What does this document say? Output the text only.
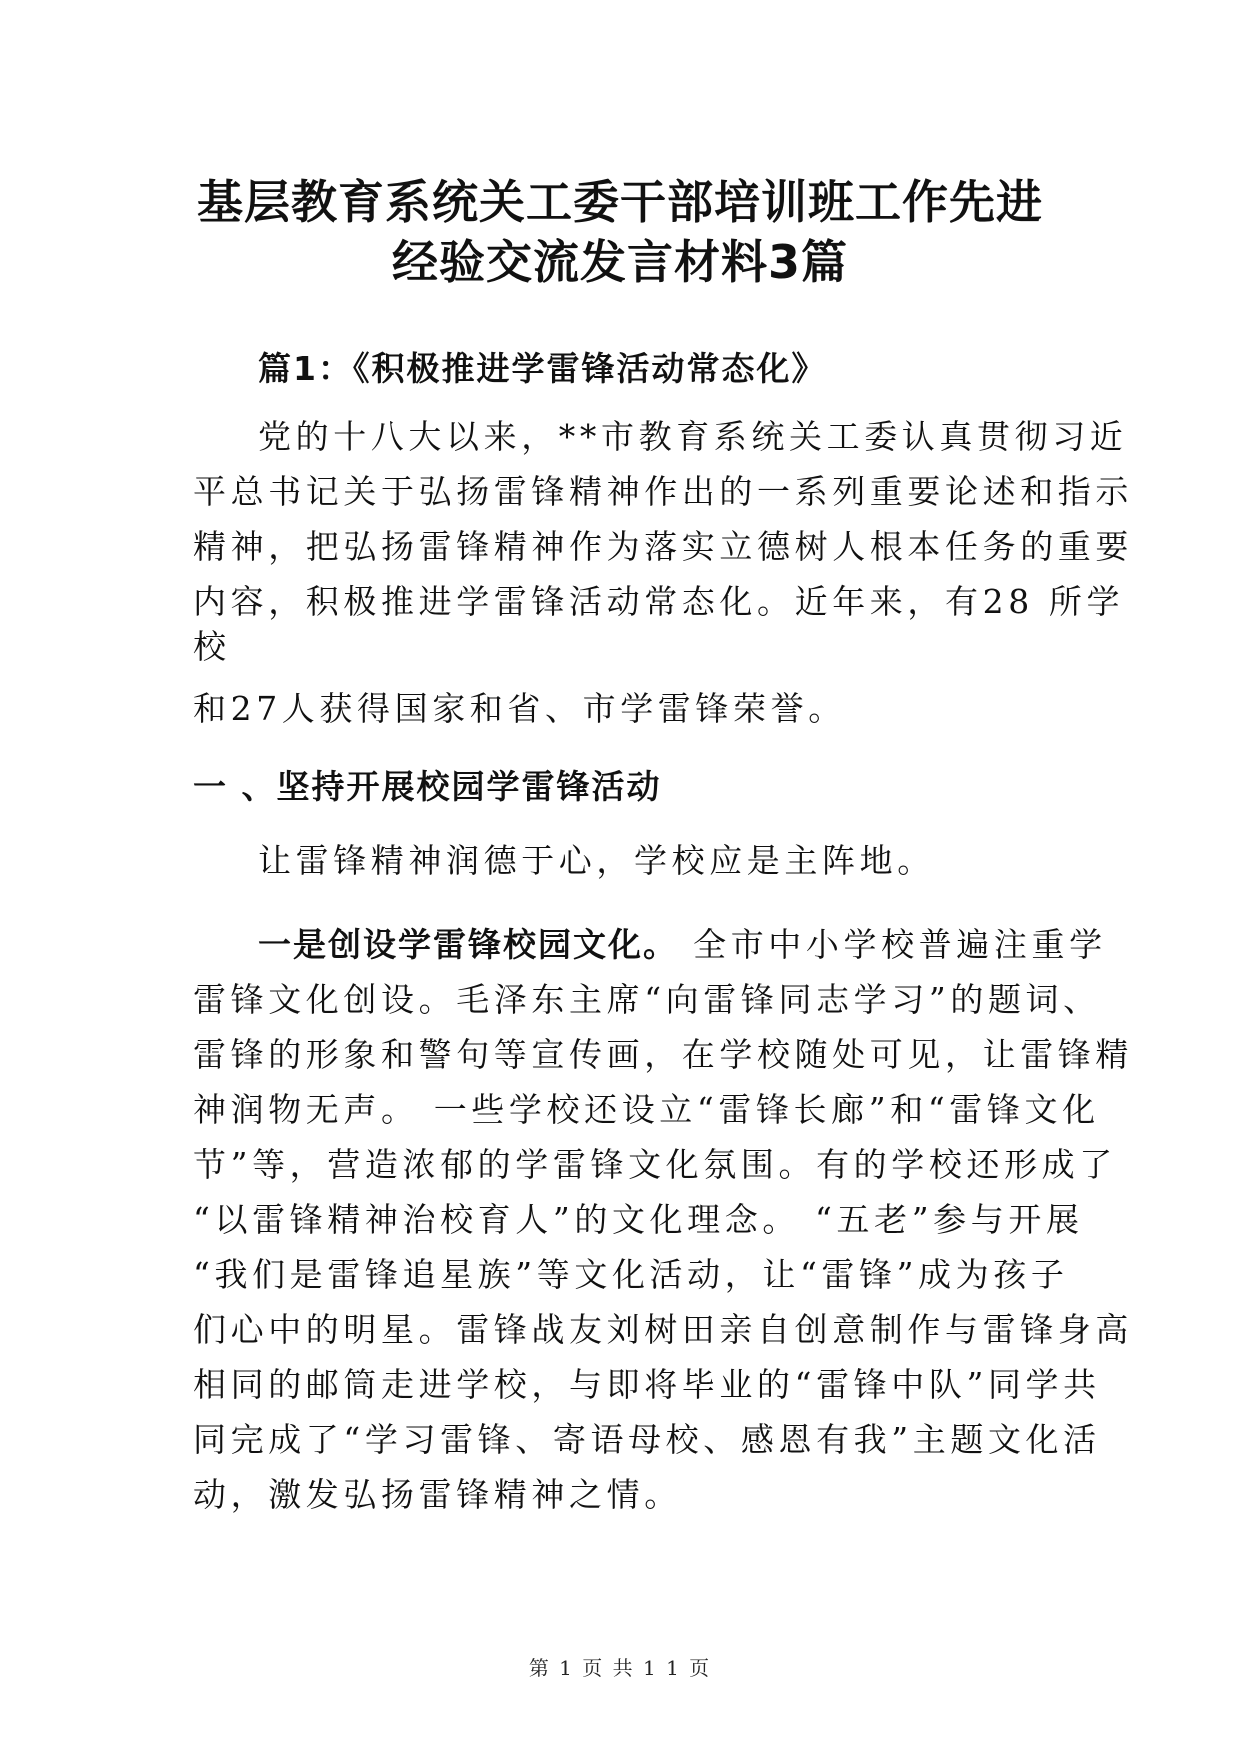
基层教育系统关工委干部培训班工作先进
经验交流发言材料3篇
篇1：《积极推进学雷锋活动常态化》
党的十八大以来，**市教育系统关工委认真贯彻习近
平总书记关于弘扬雷锋精神作出的一系列重要论述和指示
精神，把弘扬雷锋精神作为落实立德树人根本任务的重要
内容，积极推进学雷锋活动常态化。近年来，有28 所学
校
和27人获得国家和省、市学雷锋荣誉。
一 、坚持开展校园学雷锋活动
让雷锋精神润德于心，学校应是主阵地。
一是创设学雷锋校园文化。 全市中小学校普遍注重学
雷锋文化创设。毛泽东主席“向雷锋同志学习”的题词、
雷锋的形象和警句等宣传画，在学校随处可见，让雷锋精
神润物无声。 一些学校还设立“雷锋长廊”和“雷锋文化
节”等，营造浓郁的学雷锋文化氛围。有的学校还形成了
“以雷锋精神治校育人”的文化理念。 “五老”参与开展
“我们是雷锋追星族”等文化活动，让“雷锋”成为孩子
们心中的明星。雷锋战友刘树田亲自创意制作与雷锋身高
相同的邮筒走进学校，与即将毕业的“雷锋中队”同学共
同完成了“学习雷锋、寄语母校、感恩有我”主题文化活
动，激发弘扬雷锋精神之情。
第 1 页 共 1 1 页
